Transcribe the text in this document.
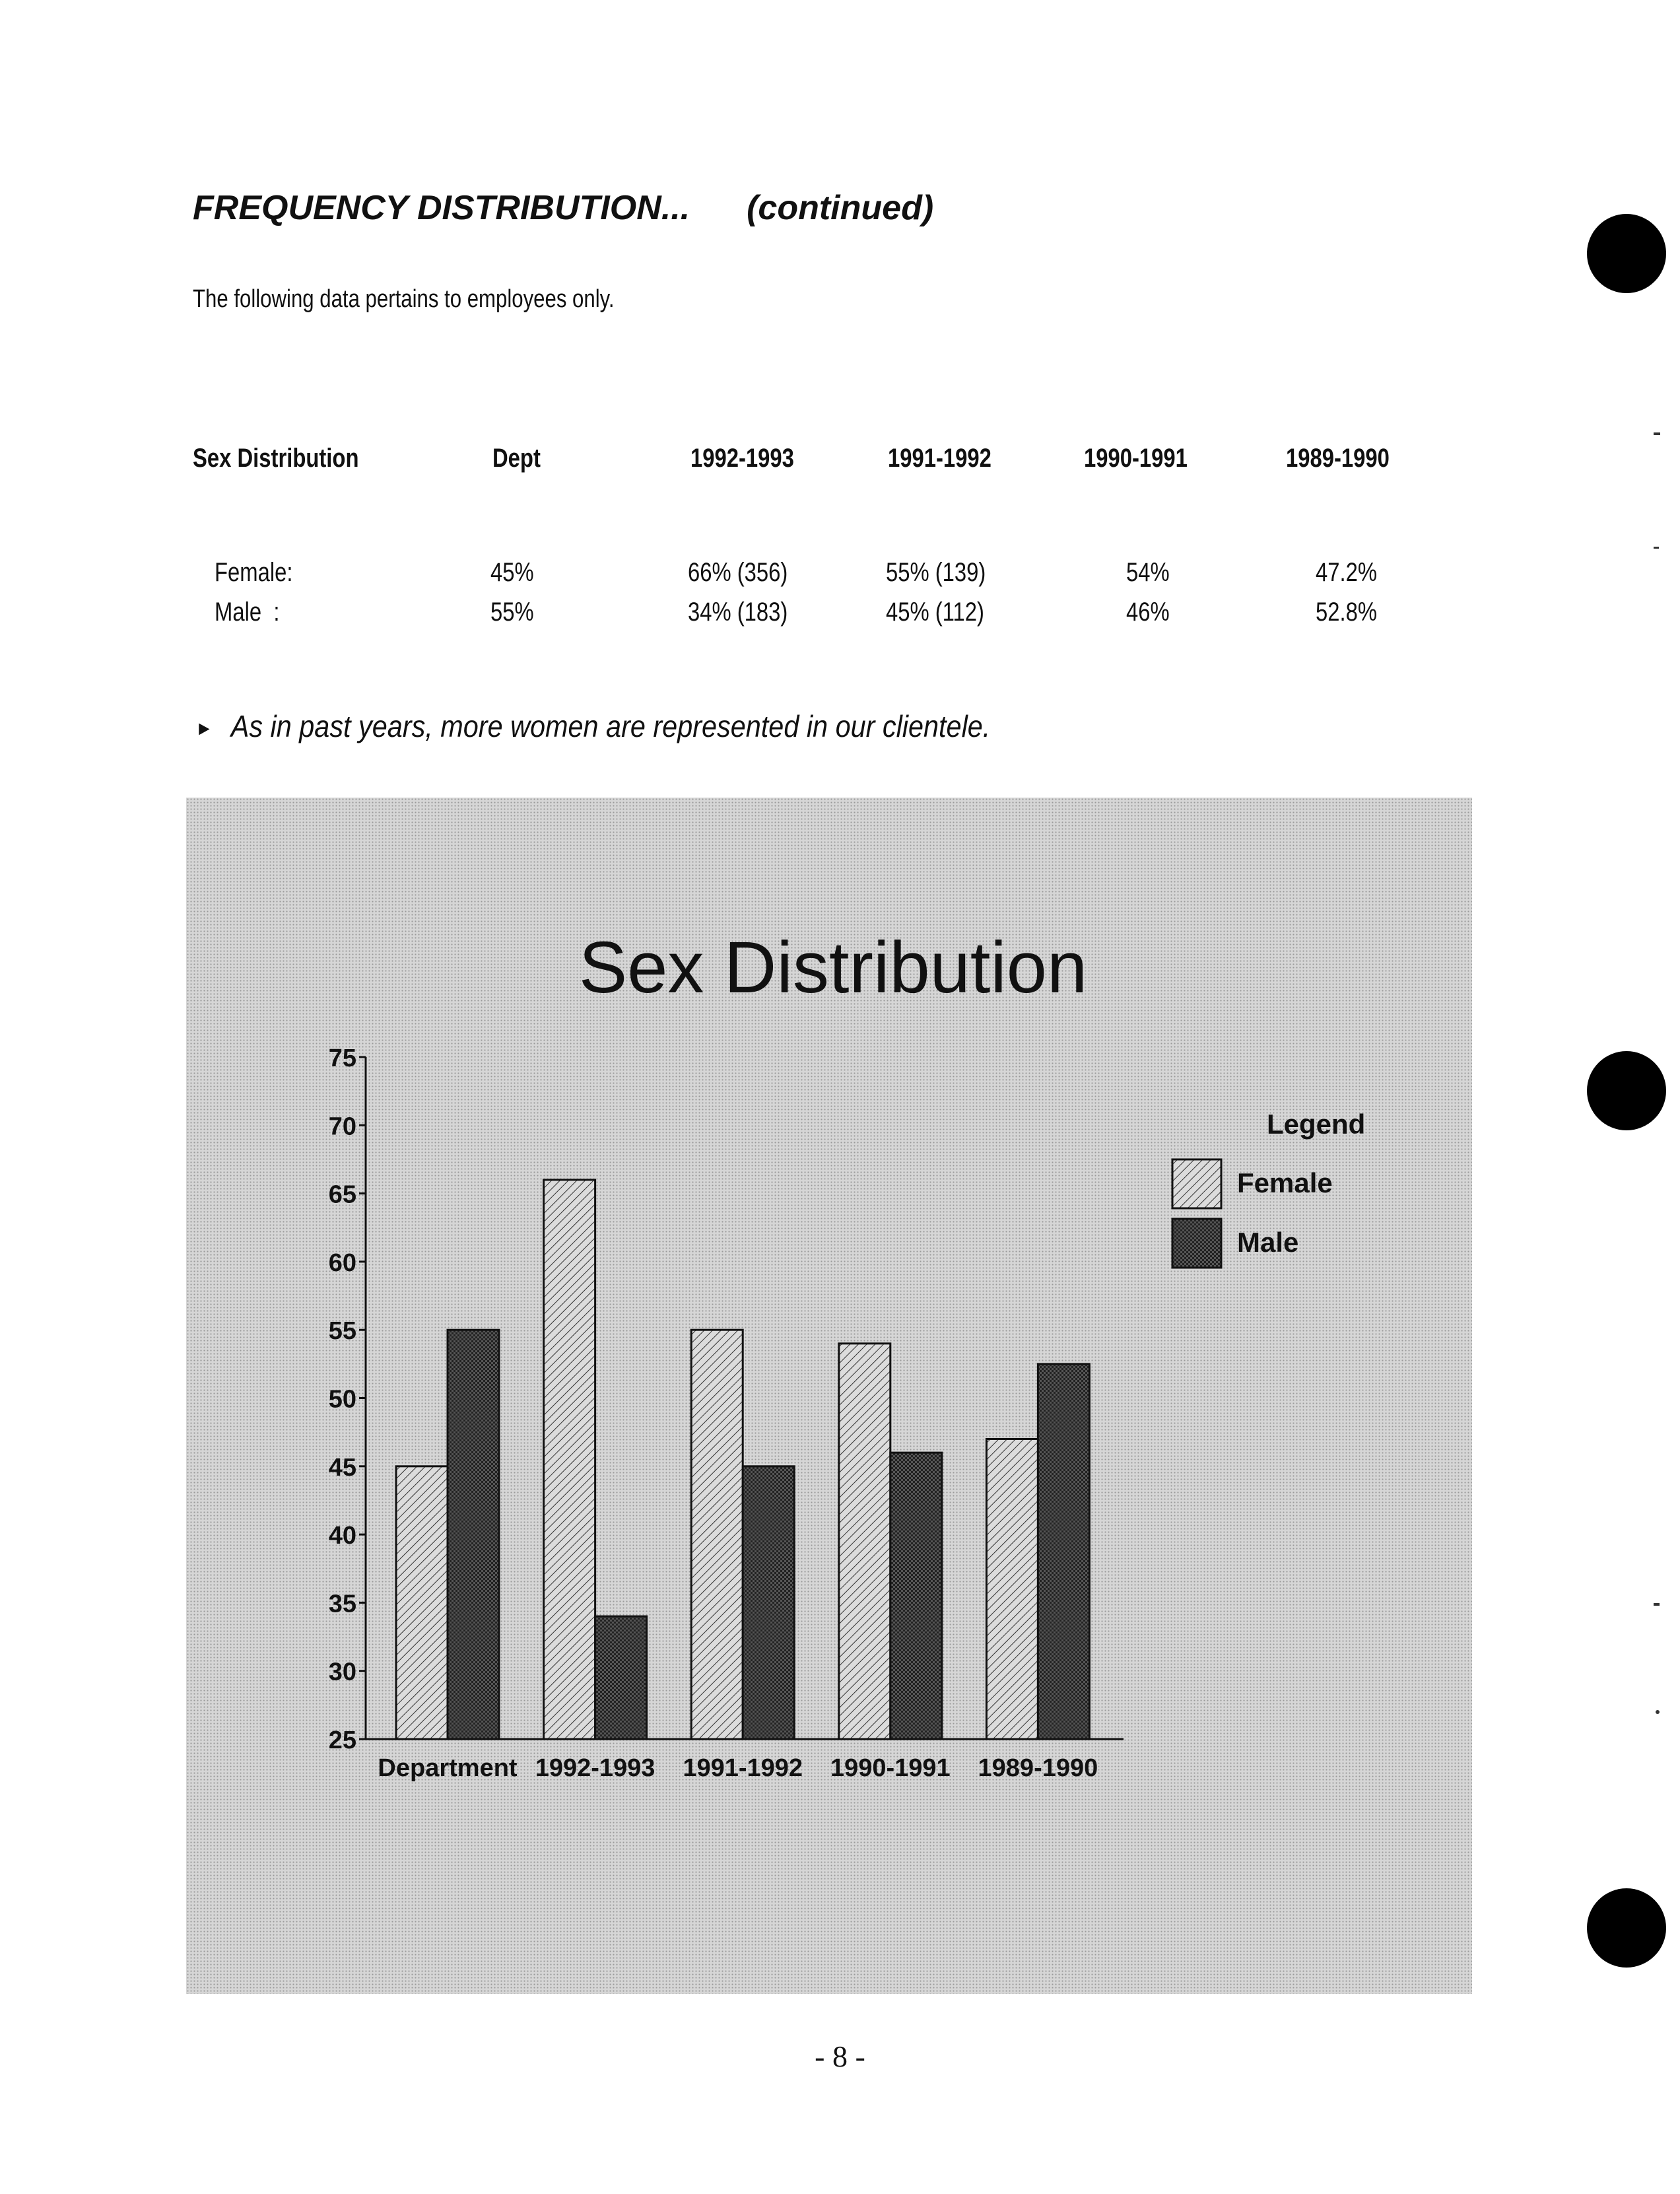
FREQUENCY DISTRIBUTION... (continued)

The following data pertains to employees only.

Sex Distribution	Dept	1992-1993	1991-1992	1990-1991	1989-1990
Female:	45%	66% (356)	55% (139)	54%	47.2%
Male  :	55%	34% (183)	45% (112)	46%	52.8%

► As in past years, more women are represented in our clientele.

Sex Distribution
25
30
35
40
45
50
55
60
65
70
75
Department 1992-1993 1991-1992 1990-1991 1989-1990
Legend
Female
Male
- 8 -
